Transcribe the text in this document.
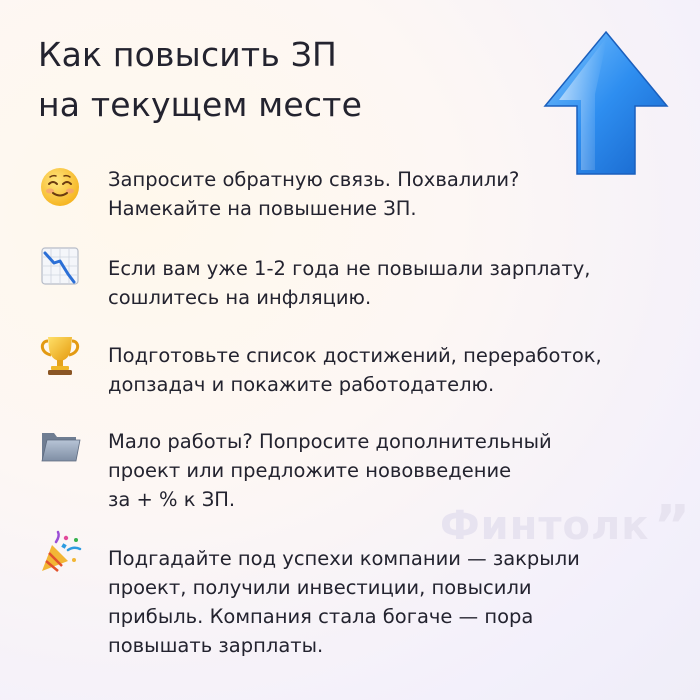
Как повысить ЗП
на текущем месте
Финтолк”
Запросите обратную связь. Похвалили?
Намекайте на повышение ЗП.
Если вам уже 1-2 года не повышали зарплату,
сошлитесь на инфляцию.
Подготовьте список достижений, переработок,
допзадач и покажите работодателю.
Мало работы? Попросите дополнительный
проект или предложите нововведение
за + % к ЗП.
Подгадайте под успехи компании — закрыли
проект, получили инвестиции, повысили
прибыль. Компания стала богаче — пора
повышать зарплаты.
